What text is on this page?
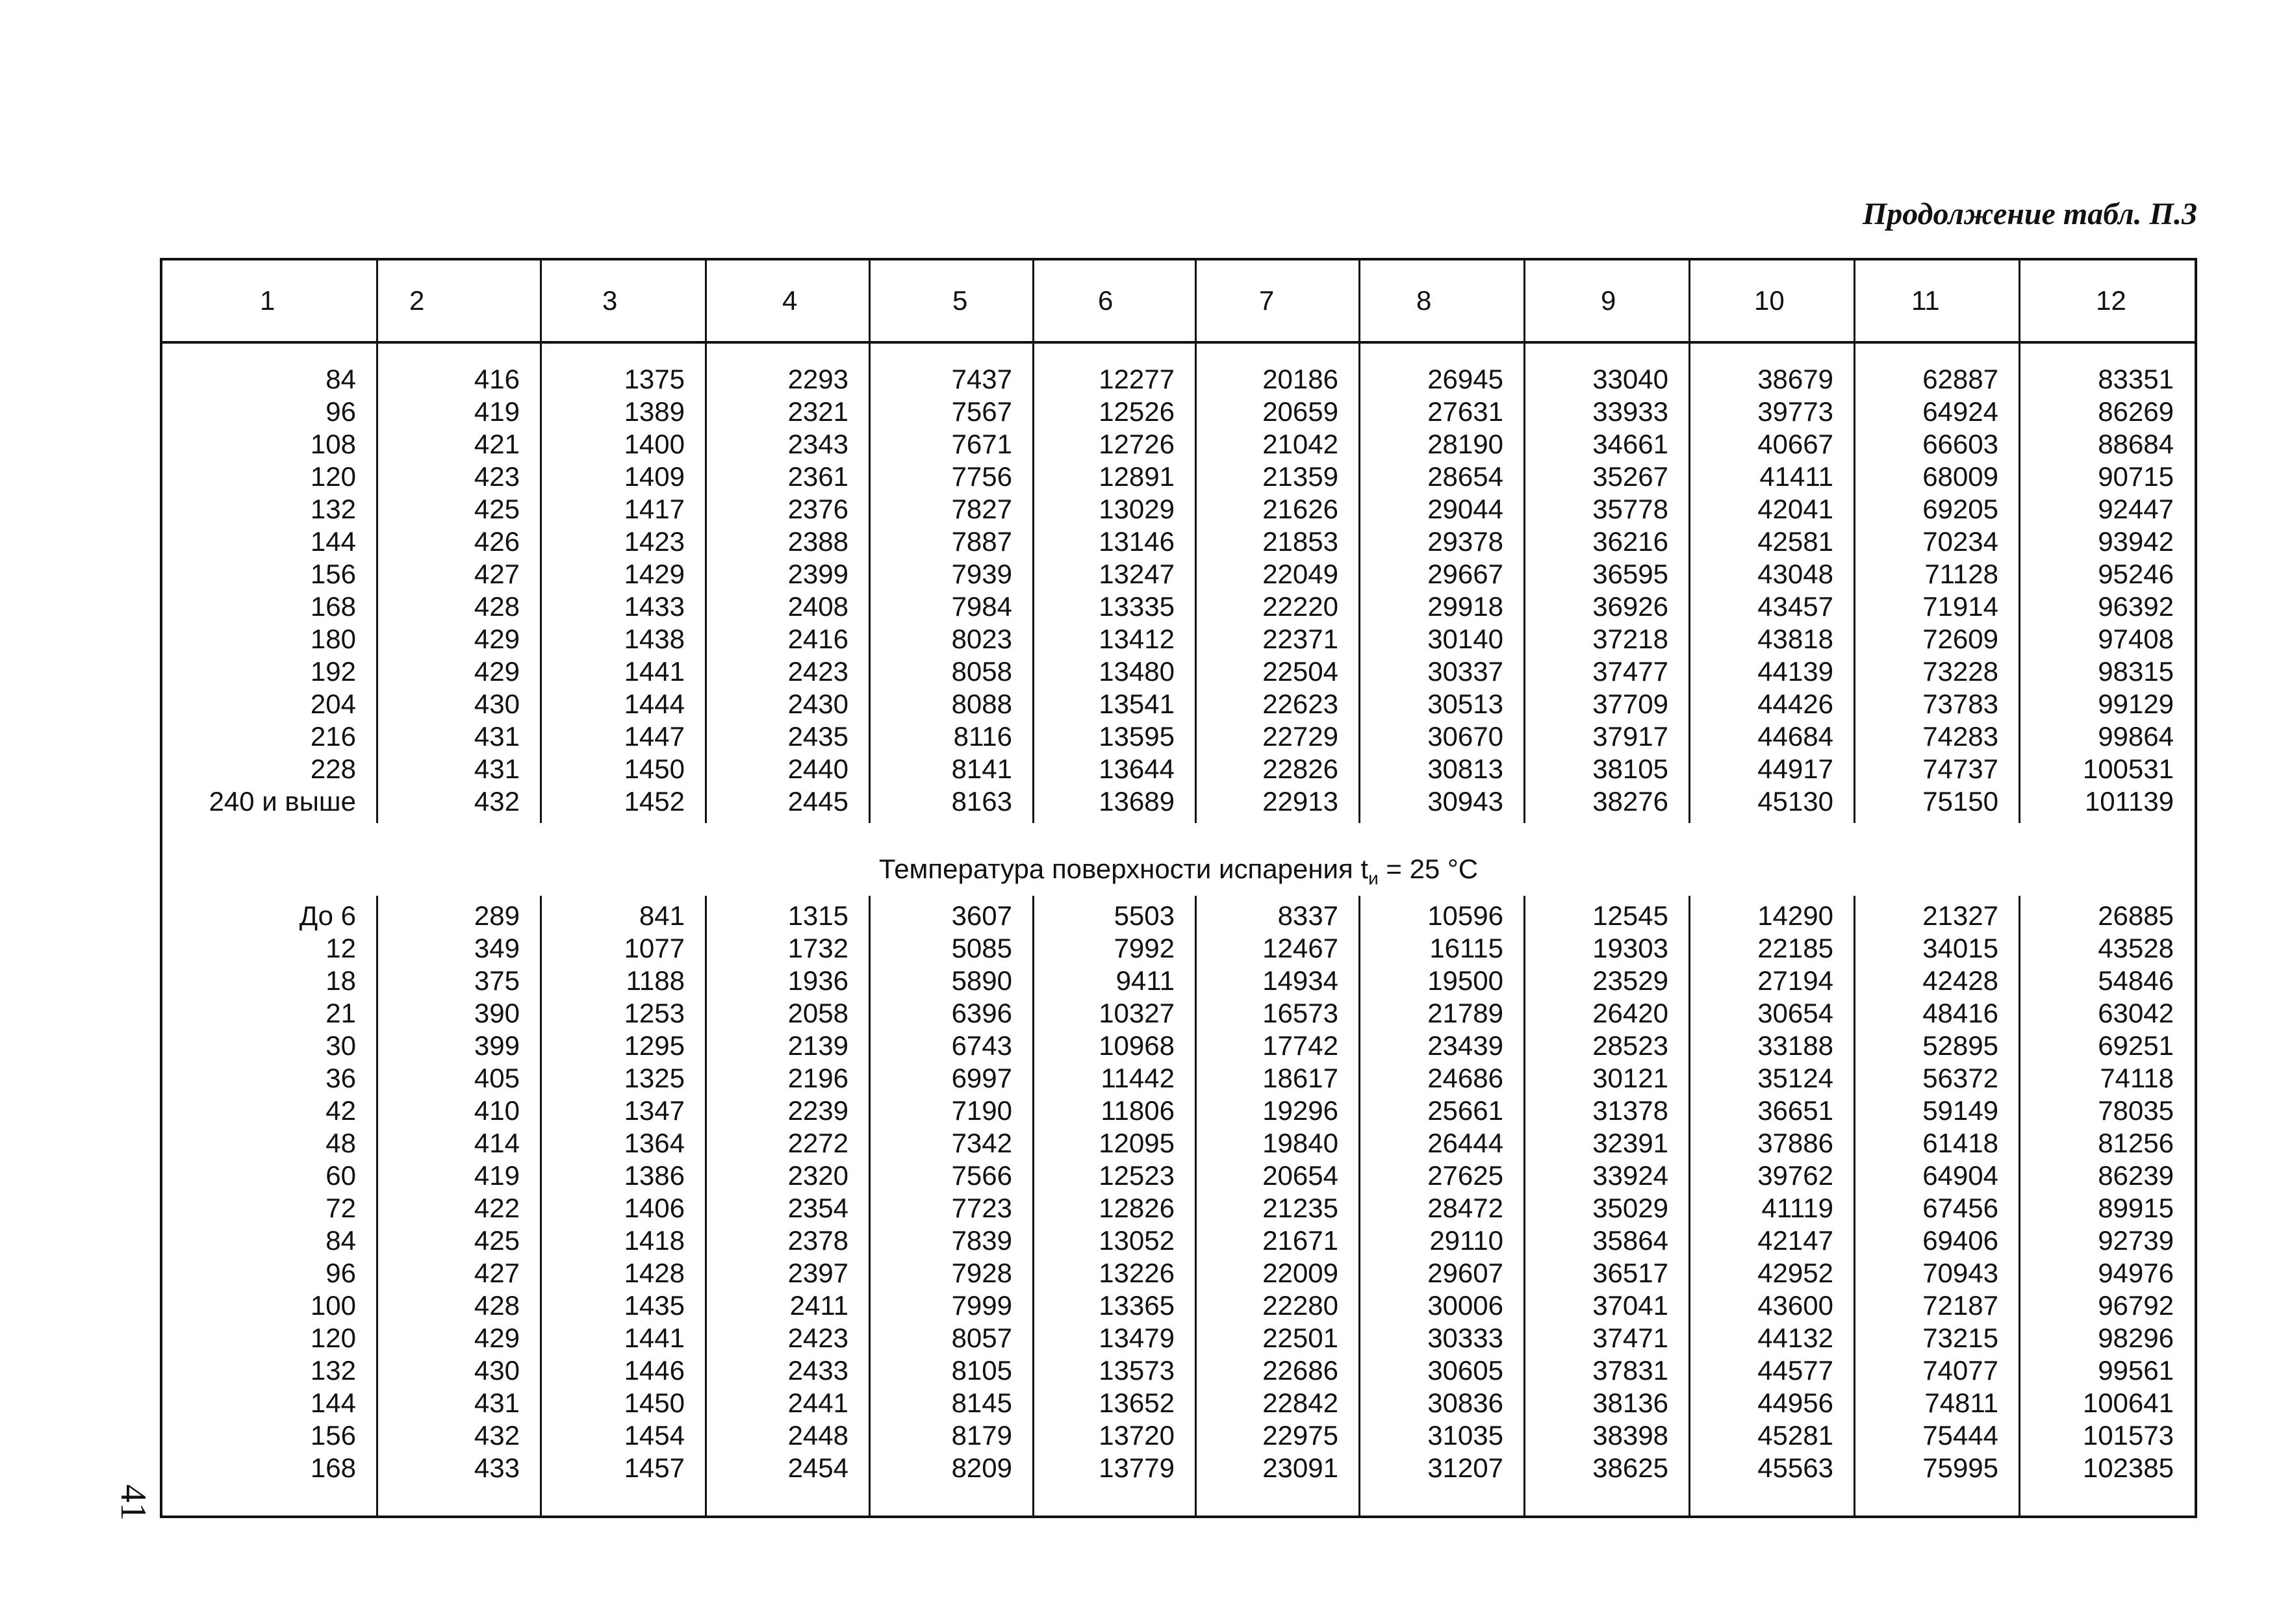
Продолжение табл. П.3
1	2	3	4	5	6	7	8	9	10	11	12
84	416	1375	2293	7437	12277	20186	26945	33040	38679	62887	83351
96	419	1389	2321	7567	12526	20659	27631	33933	39773	64924	86269
108	421	1400	2343	7671	12726	21042	28190	34661	40667	66603	88684
120	423	1409	2361	7756	12891	21359	28654	35267	41411	68009	90715
132	425	1417	2376	7827	13029	21626	29044	35778	42041	69205	92447
144	426	1423	2388	7887	13146	21853	29378	36216	42581	70234	93942
156	427	1429	2399	7939	13247	22049	29667	36595	43048	71128	95246
168	428	1433	2408	7984	13335	22220	29918	36926	43457	71914	96392
180	429	1438	2416	8023	13412	22371	30140	37218	43818	72609	97408
192	429	1441	2423	8058	13480	22504	30337	37477	44139	73228	98315
204	430	1444	2430	8088	13541	22623	30513	37709	44426	73783	99129
216	431	1447	2435	8116	13595	22729	30670	37917	44684	74283	99864
228	431	1450	2440	8141	13644	22826	30813	38105	44917	74737	100531
240 и выше	432	1452	2445	8163	13689	22913	30943	38276	45130	75150	101139
Температура поверхности испарения $t_и = 25$ °С
До 6	289	841	1315	3607	5503	8337	10596	12545	14290	21327	26885
12	349	1077	1732	5085	7992	12467	16115	19303	22185	34015	43528
18	375	1188	1936	5890	9411	14934	19500	23529	27194	42428	54846
21	390	1253	2058	6396	10327	16573	21789	26420	30654	48416	63042
30	399	1295	2139	6743	10968	17742	23439	28523	33188	52895	69251
36	405	1325	2196	6997	11442	18617	24686	30121	35124	56372	74118
42	410	1347	2239	7190	11806	19296	25661	31378	36651	59149	78035
48	414	1364	2272	7342	12095	19840	26444	32391	37886	61418	81256
60	419	1386	2320	7566	12523	20654	27625	33924	39762	64904	86239
72	422	1406	2354	7723	12826	21235	28472	35029	41119	67456	89915
84	425	1418	2378	7839	13052	21671	29110	35864	42147	69406	92739
96	427	1428	2397	7928	13226	22009	29607	36517	42952	70943	94976
100	428	1435	2411	7999	13365	22280	30006	37041	43600	72187	96792
120	429	1441	2423	8057	13479	22501	30333	37471	44132	73215	98296
132	430	1446	2433	8105	13573	22686	30605	37831	44577	74077	99561
144	431	1450	2441	8145	13652	22842	30836	38136	44956	74811	100641
156	432	1454	2448	8179	13720	22975	31035	38398	45281	75444	101573
168	433	1457	2454	8209	13779	23091	31207	38625	45563	75995	102385
41
